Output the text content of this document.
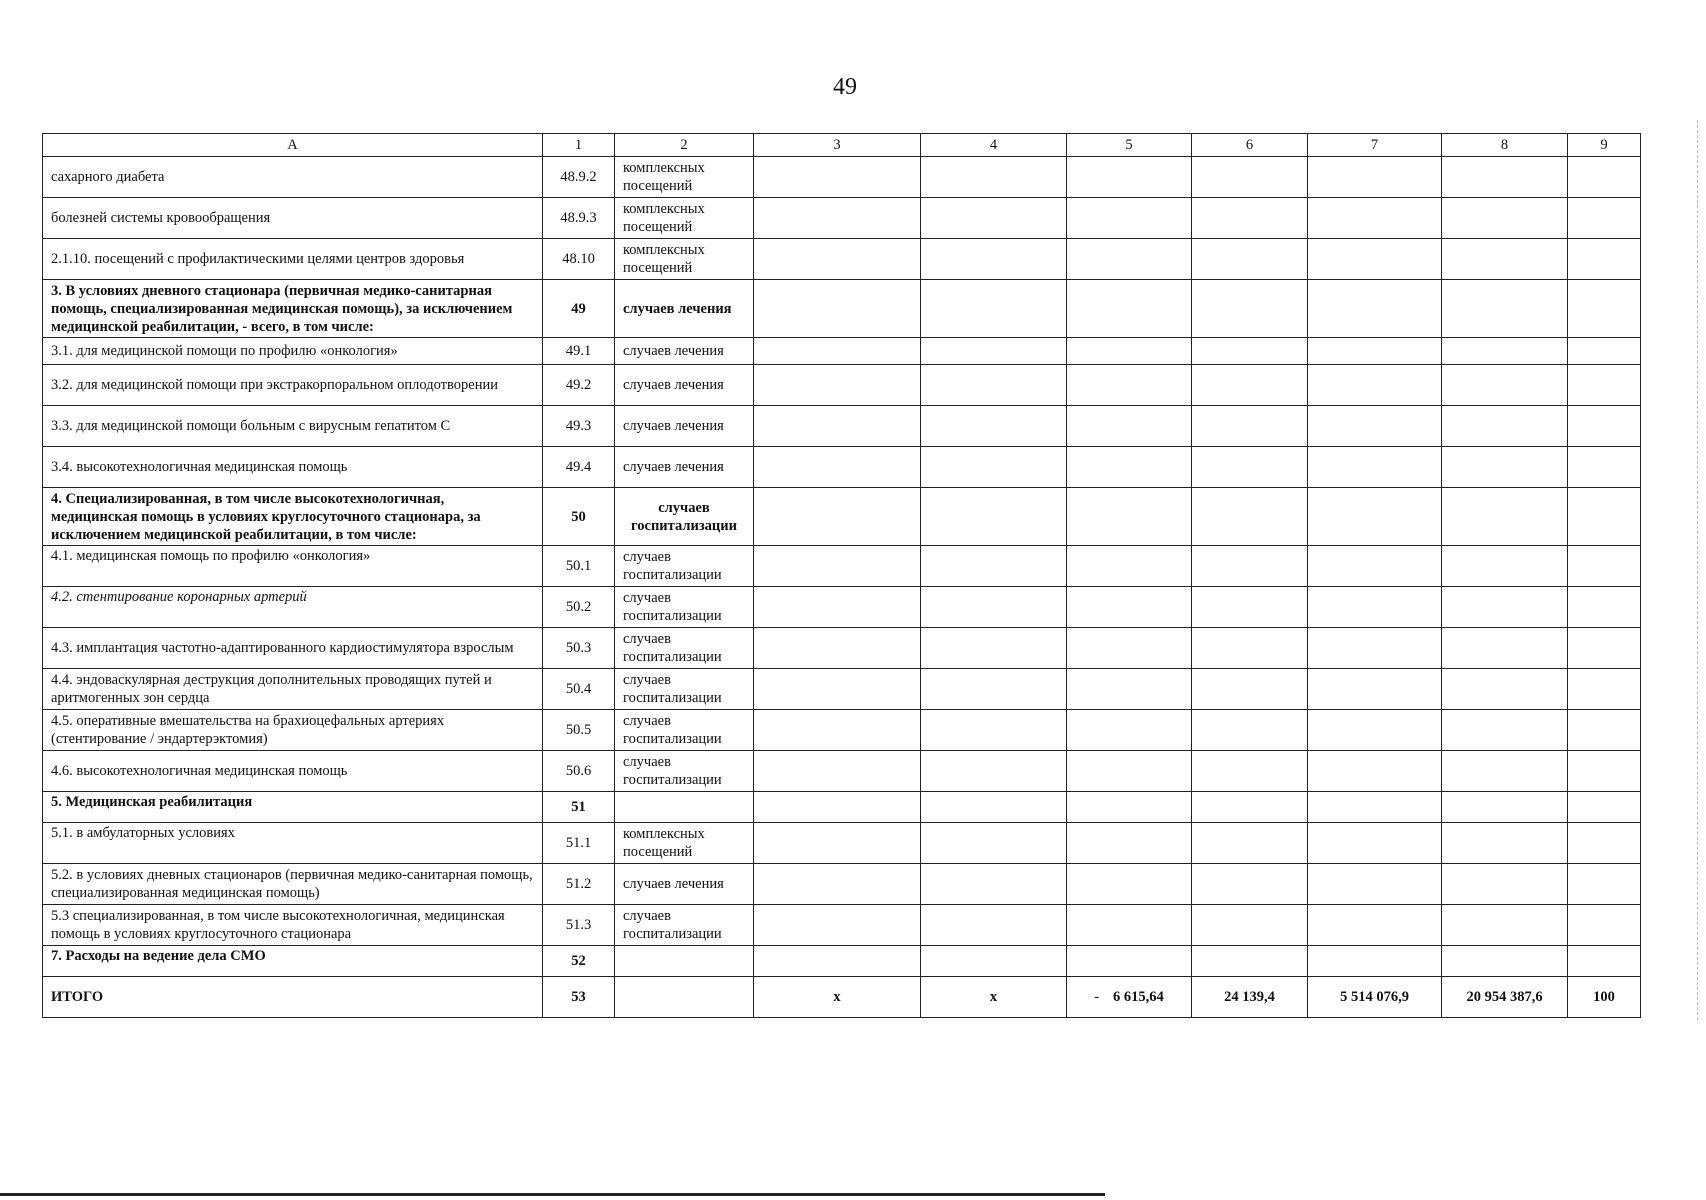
49
А	1	2	3	4	5	6	7	8	9
сахарного диабета	48.9.2	комплексных посещений							
болезней системы кровообращения	48.9.3	комплексных посещений							
2.1.10. посещений с профилактическими целями центров здоровья	48.10	комплексных посещений							
3. В условиях дневного стационара (первичная медико-санитарная помощь, специализированная медицинская помощь), за исключением медицинской реабилитации, - всего, в том числе:	49	случаев лечения							
3.1. для медицинской помощи по профилю «онкология»	49.1	случаев лечения							
3.2. для медицинской помощи при экстракорпоральном оплодотворении	49.2	случаев лечения							
3.3. для медицинской помощи больным с вирусным гепатитом С	49.3	случаев лечения							
3.4. высокотехнологичная медицинская помощь	49.4	случаев лечения							
4. Специализированная, в том числе высокотехнологичная, медицинская помощь в условиях круглосуточного стационара, за исключением медицинской реабилитации, в том числе:	50	случаев госпитализации							
4.1. медицинская помощь по профилю «онкология»	50.1	случаев госпитализации							
4.2. стентирование коронарных артерий	50.2	случаев госпитализации							
4.3. имплантация частотно-адаптированного кардиостимулятора взрослым	50.3	случаев госпитализации							
4.4. эндоваскулярная деструкция дополнительных проводящих путей и аритмогенных зон сердца	50.4	случаев госпитализации							
4.5. оперативные вмешательства на брахиоцефальных артериях (стентирование / эндартерэктомия)	50.5	случаев госпитализации							
4.6. высокотехнологичная медицинская помощь	50.6	случаев госпитализации							
5. Медицинская реабилитация	51								
5.1. в амбулаторных условиях	51.1	комплексных посещений							
5.2. в условиях дневных стационаров (первичная медико-санитарная помощь, специализированная медицинская помощь)	51.2	случаев лечения							
5.3 специализированная, в том числе высокотехнологичная, медицинская помощь в условиях круглосуточного стационара	51.3	случаев госпитализации							
7. Расходы на ведение дела СМО	52								
ИТОГО	53		х	х	- 6 615,64	24 139,4	5 514 076,9	20 954 387,6	100
